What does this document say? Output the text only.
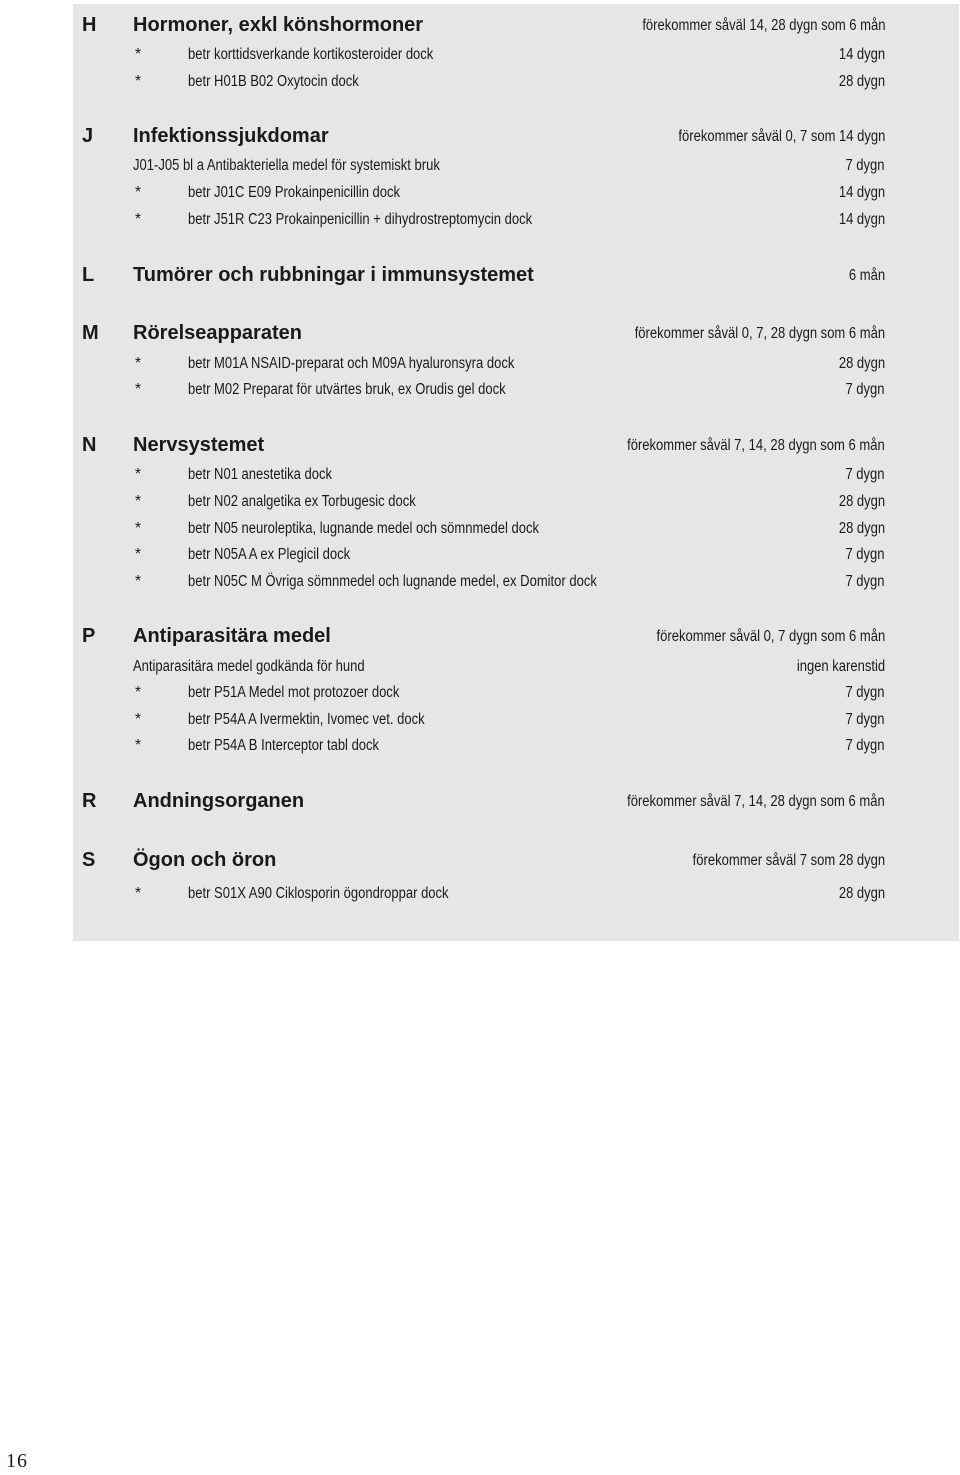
H Hormoner, exkl könshormoner	förekommer såväl 14, 28 dygn som 6 mån
*	betr korttidsverkande kortikosteroider dock	14 dygn
*	betr H01B B02 Oxytocin dock	28 dygn
J Infektionssjukdomar	förekommer såväl 0, 7 som 14 dygn
J01-J05 bl a Antibakteriella medel för systemiskt bruk	7 dygn
*	betr J01C E09 Prokainpenicillin dock	14 dygn
*	betr J51R C23 Prokainpenicillin + dihydrostreptomycin dock	14 dygn
L Tumörer och rubbningar i immunsystemet	6 mån
M Rörelseapparaten	förekommer såväl 0, 7, 28 dygn som 6 mån
*	betr M01A NSAID-preparat och M09A hyaluronsyra dock	28 dygn
*	betr M02 Preparat för utvärtes bruk, ex Orudis gel dock	7 dygn
N Nervsystemet	förekommer såväl 7, 14, 28 dygn som 6 mån
*	betr N01 anestetika dock	7 dygn
*	betr N02 analgetika ex Torbugesic dock	28 dygn
*	betr N05 neuroleptika, lugnande medel och sömnmedel dock	28 dygn
*	betr N05A A ex Plegicil dock	7 dygn
*	betr N05C M Övriga sömnmedel och lugnande medel, ex Domitor dock	7 dygn
P Antiparasitära medel	förekommer såväl 0, 7 dygn som 6 mån
Antiparasitära medel godkända för hund	ingen karenstid
*	betr P51A Medel mot protozoer dock	7 dygn
*	betr P54A A Ivermektin, Ivomec vet. dock	7 dygn
*	betr P54A B Interceptor tabl dock	7 dygn
R Andningsorganen	förekommer såväl 7, 14, 28 dygn som 6 mån
S Ögon och öron	förekommer såväl 7 som 28 dygn
*	betr S01X A90 Ciklosporin ögondroppar dock	28 dygn
16
